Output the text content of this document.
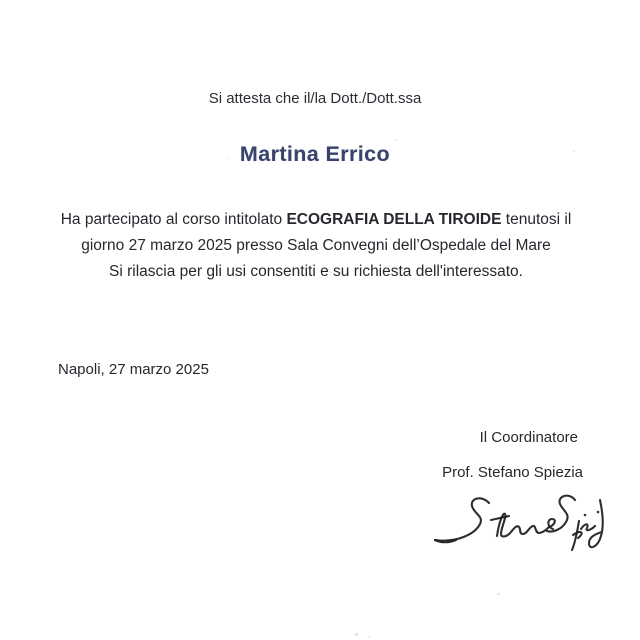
Si attesta che il/la Dott./Dott.ssa
Martina Errico
Ha partecipato al corso intitolato ECOGRAFIA DELLA TIROIDE tenutosi il
giorno 27 marzo 2025 presso Sala Convegni dell’Ospedale del Mare
Si rilascia per gli usi consentiti e su richiesta dell'interessato.
Napoli, 27 marzo 2025
Il Coordinatore
Prof. Stefano Spiezia
